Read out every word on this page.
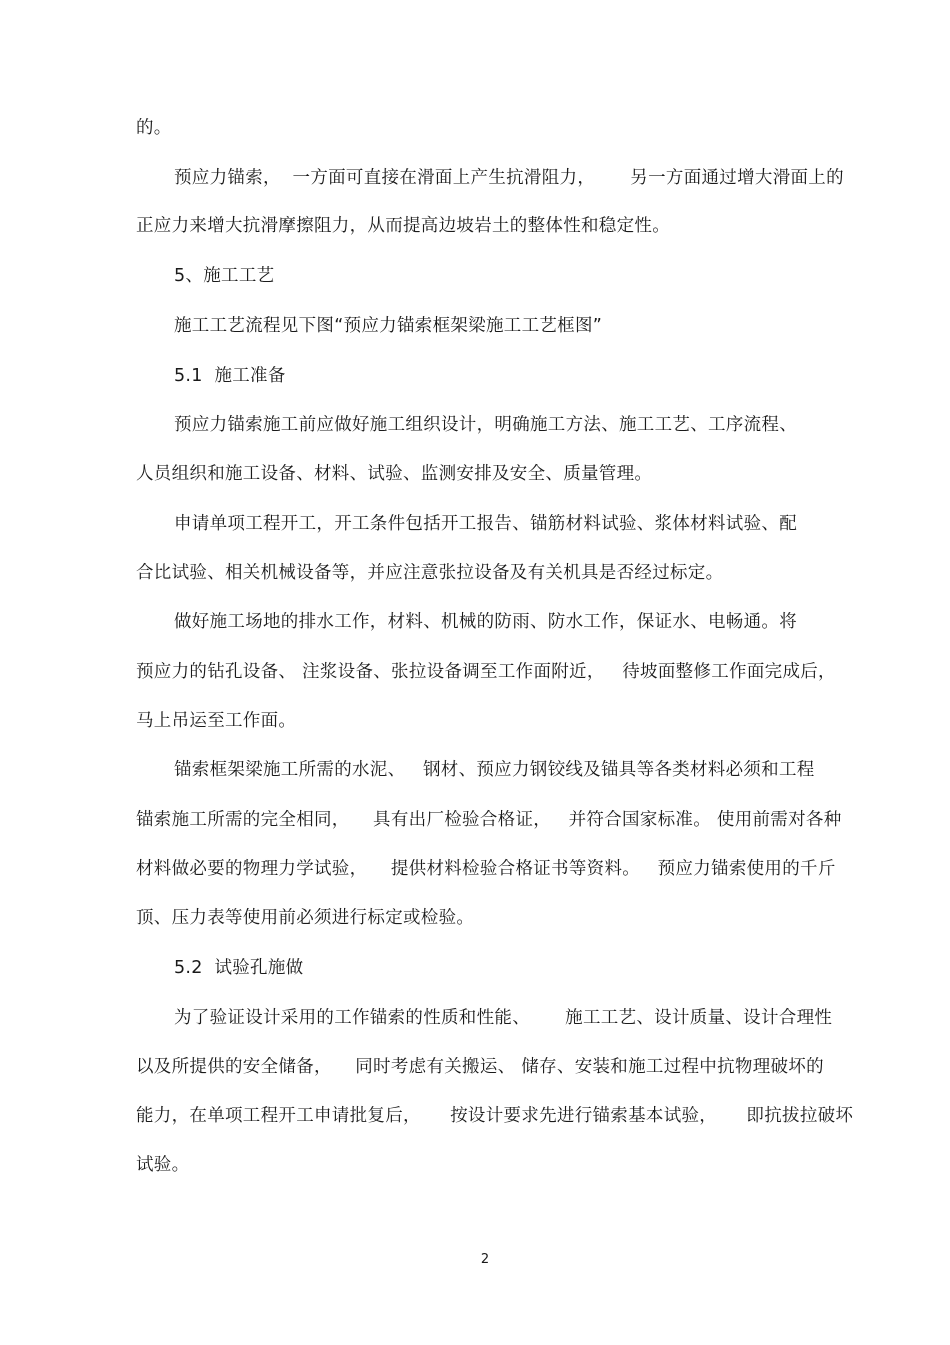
的。
预应力锚索，  一方面可直接在滑面上产生抗滑阻力，      另一方面通过增大滑面上的
正应力来增大抗滑摩擦阻力，从而提高边坡岩土的整体性和稳定性。
5、施工工艺
施工工艺流程见下图“预应力锚索框架梁施工工艺框图”
5.1  施工准备
预应力锚索施工前应做好施工组织设计，明确施工方法、施工工艺、工序流程、
人员组织和施工设备、材料、试验、监测安排及安全、质量管理。
申请单项工程开工，开工条件包括开工报告、锚筋材料试验、浆体材料试验、配
合比试验、相关机械设备等，并应注意张拉设备及有关机具是否经过标定。
做好施工场地的排水工作，材料、机械的防雨、防水工作，保证水、电畅通。将
预应力的钻孔设备、 注浆设备、张拉设备调至工作面附近，   待坡面整修工作面完成后，
马上吊运至工作面。
锚索框架梁施工所需的水泥、   钢材、预应力钢铰线及锚具等各类材料必须和工程
锚索施工所需的完全相同，    具有出厂检验合格证，   并符合国家标准。 使用前需对各种
材料做必要的物理力学试验，    提供材料检验合格证书等资料。   预应力锚索使用的千斤
顶、压力表等使用前必须进行标定或检验。
5.2  试验孔施做
为了验证设计采用的工作锚索的性质和性能、      施工工艺、设计质量、设计合理性
以及所提供的安全储备，    同时考虑有关搬运、 储存、安装和施工过程中抗物理破坏的
能力，在单项工程开工申请批复后，     按设计要求先进行锚索基本试验，     即抗拔拉破坏
试验。
2
